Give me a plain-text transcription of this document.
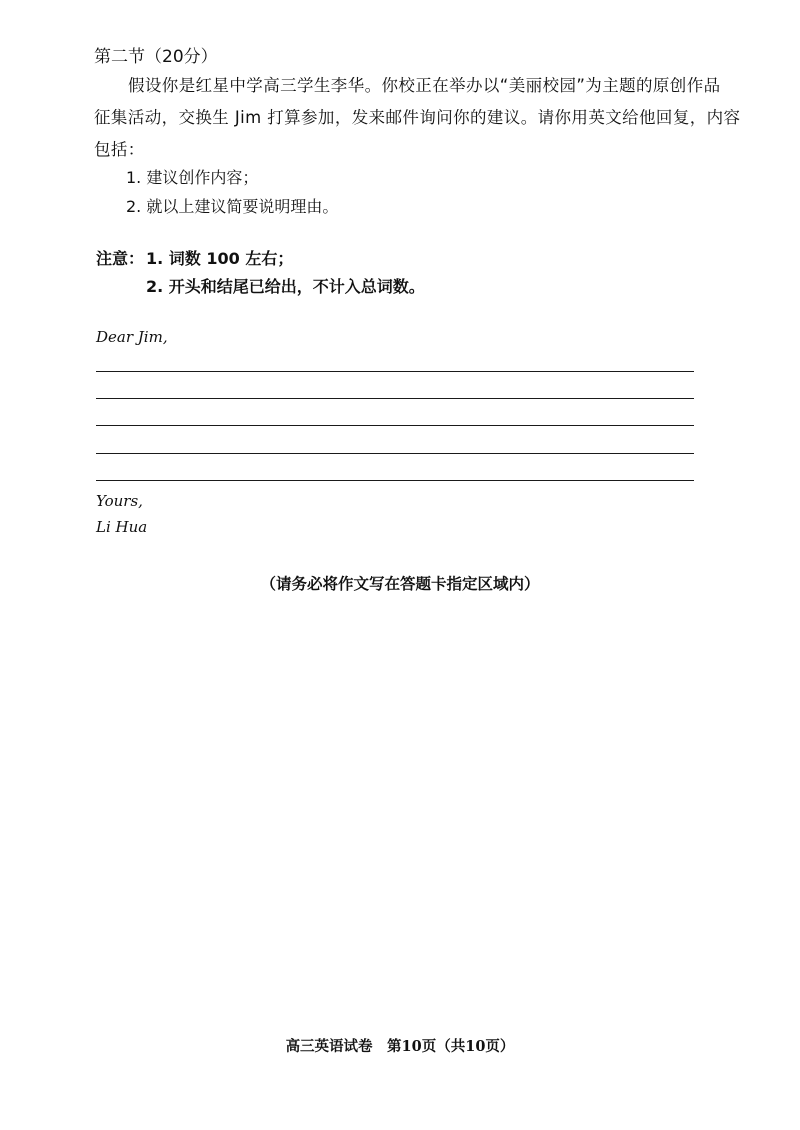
第二节（20分）
假设你是红星中学高三学生李华。你校正在举办以“美丽校园”为主题的原创作品
征集活动，交换生 Jim 打算参加，发来邮件询问你的建议。请你用英文给他回复，内容
包括：
1. 建议创作内容；
2. 就以上建议简要说明理由。
注意： 1. 词数 100 左右；
2. 开头和结尾已给出，不计入总词数。
Dear Jim,
Yours,
Li Hua
（请务必将作文写在答题卡指定区域内）
高三英语试卷　第10页（共10页）
